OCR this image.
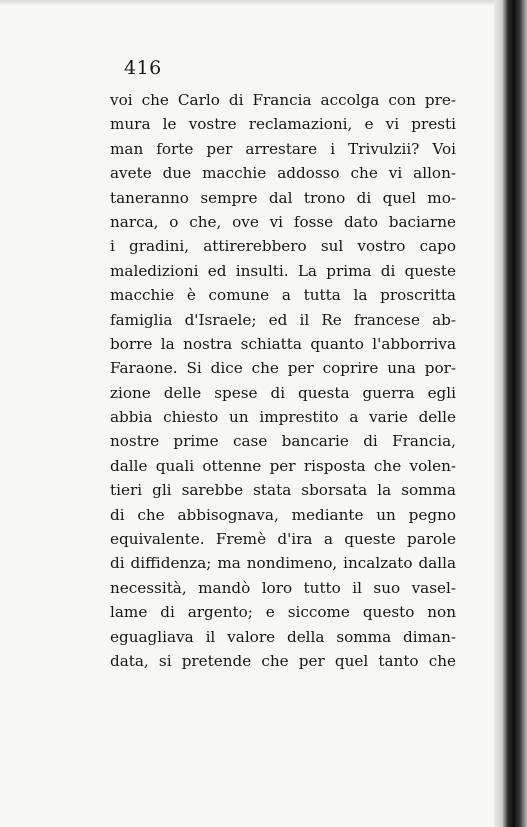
416
voi che Carlo di Francia accolga con pre-
mura le vostre reclamazioni, e vi presti
man forte per arrestare i Trivulzii? Voi
avete due macchie addosso che vi allon-
taneranno sempre dal trono di quel mo-
narca, o che, ove vi fosse dato baciarne
i gradini, attirerebbero sul vostro capo
maledizioni ed insulti. La prima di queste
macchie è comune a tutta la proscritta
famiglia d'Israele; ed il Re francese ab-
borre la nostra schiatta quanto l'abborriva
Faraone. Si dice che per coprire una por-
zione delle spese di questa guerra egli
abbia chiesto un imprestito a varie delle
nostre prime case bancarie di Francia,
dalle quali ottenne per risposta che volen-
tieri gli sarebbe stata sborsata la somma
di che abbisognava, mediante un pegno
equivalente. Fremè d'ira a queste parole
di diffidenza; ma nondimeno, incalzato dalla
necessità, mandò loro tutto il suo vasel-
lame di argento; e siccome questo non
eguagliava il valore della somma diman-
data, si pretende che per quel tanto che
